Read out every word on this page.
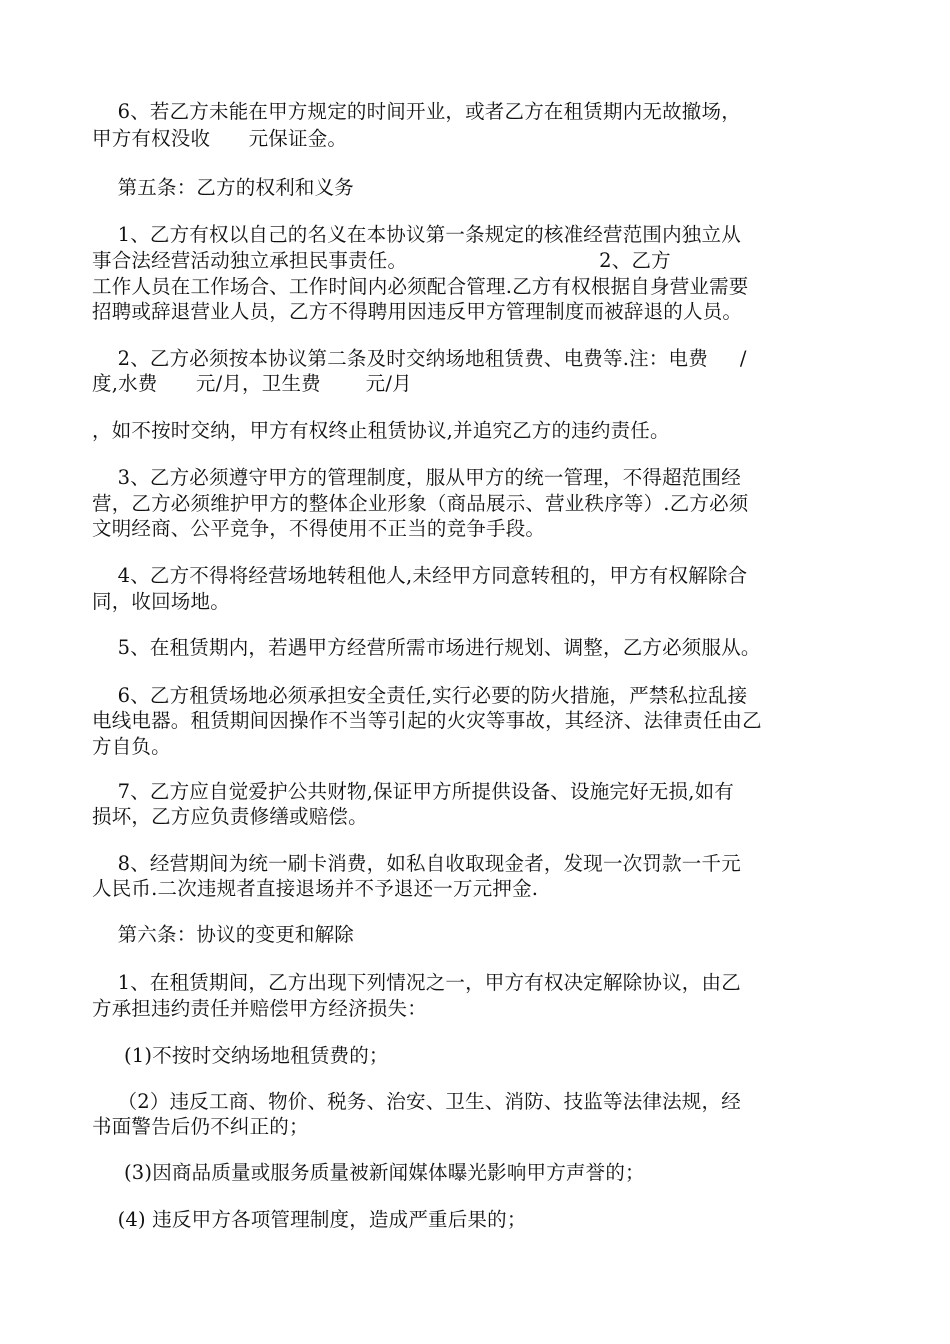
6、若乙方未能在甲方规定的时间开业，或者乙方在租赁期内无故撤场，
甲方有权没收      元保证金。
第五条：乙方的权利和义务
1、乙方有权以自己的名义在本协议第一条规定的核准经营范围内独立从
事合法经营活动独立承担民事责任。                              2、乙方
工作人员在工作场合、工作时间内必须配合管理.乙方有权根据自身营业需要
招聘或辞退营业人员，乙方不得聘用因违反甲方管理制度而被辞退的人员。
2、乙方必须按本协议第二条及时交纳场地租赁费、电费等.注：电费     /
度,水费      元/月，卫生费       元/月
，如不按时交纳，甲方有权终止租赁协议,并追究乙方的违约责任。
3、乙方必须遵守甲方的管理制度，服从甲方的统一管理，不得超范围经
营，乙方必须维护甲方的整体企业形象（商品展示、营业秩序等）.乙方必须
文明经商、公平竞争，不得使用不正当的竞争手段。
4、乙方不得将经营场地转租他人,未经甲方同意转租的，甲方有权解除合
同，收回场地。
5、在租赁期内，若遇甲方经营所需市场进行规划、调整，乙方必须服从。
6、乙方租赁场地必须承担安全责任,实行必要的防火措施，严禁私拉乱接
电线电器。租赁期间因操作不当等引起的火灾等事故，其经济、法律责任由乙
方自负。
7、乙方应自觉爱护公共财物,保证甲方所提供设备、设施完好无损,如有
损坏，乙方应负责修缮或赔偿。
8、经营期间为统一刷卡消费，如私自收取现金者，发现一次罚款一千元
人民币.二次违规者直接退场并不予退还一万元押金.
第六条：协议的变更和解除
1、在租赁期间，乙方出现下列情况之一，甲方有权决定解除协议，由乙
方承担违约责任并赔偿甲方经济损失：
(1)不按时交纳场地租赁费的；
（2）违反工商、物价、税务、治安、卫生、消防、技监等法律法规，经
书面警告后仍不纠正的；
(3)因商品质量或服务质量被新闻媒体曝光影响甲方声誉的；
(4) 违反甲方各项管理制度，造成严重后果的；
